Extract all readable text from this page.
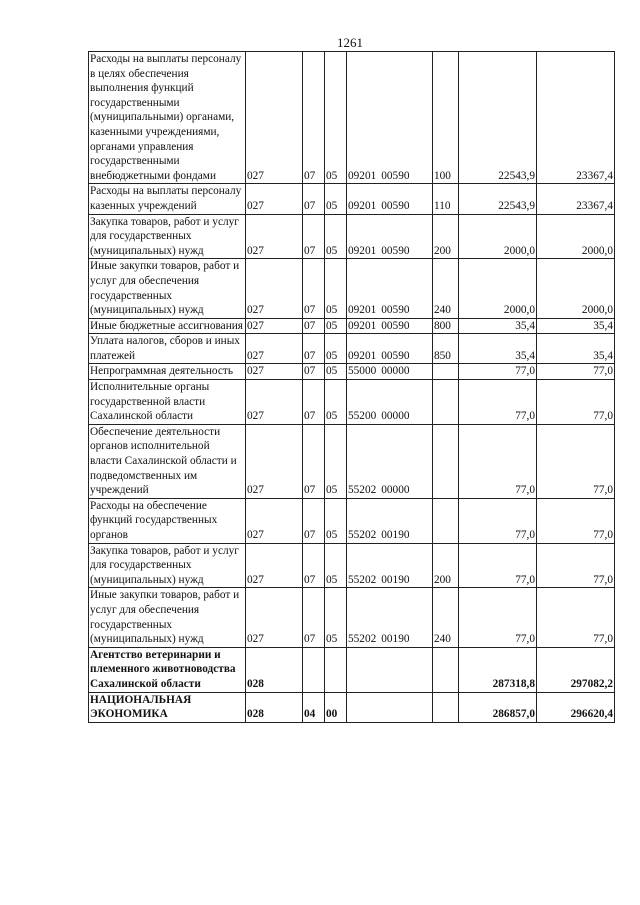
1261
Расходы на выплаты персоналу в целях обеспечения выполнения функций государственными (муниципальными) органами, казенными учреждениями, органами управления государственными внебюджетными фондами	027	07	05	09201 00590	100	22543,9	23367,4
Расходы на выплаты персоналу казенных учреждений	027	07	05	09201 00590	110	22543,9	23367,4
Закупка товаров, работ и услуг для государственных (муниципальных) нужд	027	07	05	09201 00590	200	2000,0	2000,0
Иные закупки товаров, работ и услуг для обеспечения государственных (муниципальных) нужд	027	07	05	09201 00590	240	2000,0	2000,0
Иные бюджетные ассигнования	027	07	05	09201 00590	800	35,4	35,4
Уплата налогов, сборов и иных платежей	027	07	05	09201 00590	850	35,4	35,4
Непрограммная деятельность	027	07	05	55000 00000		77,0	77,0
Исполнительные органы государственной власти Сахалинской области	027	07	05	55200 00000		77,0	77,0
Обеспечение деятельности органов исполнительной власти Сахалинской области и подведомственных им учреждений	027	07	05	55202 00000		77,0	77,0
Расходы на обеспечение функций государственных органов	027	07	05	55202 00190		77,0	77,0
Закупка товаров, работ и услуг для государственных (муниципальных) нужд	027	07	05	55202 00190	200	77,0	77,0
Иные закупки товаров, работ и услуг для обеспечения государственных (муниципальных) нужд	027	07	05	55202 00190	240	77,0	77,0
Агентство ветеринарии и племенного животноводства Сахалинской области	028					287318,8	297082,2
НАЦИОНАЛЬНАЯ ЭКОНОМИКА	028	04	00			286857,0	296620,4
